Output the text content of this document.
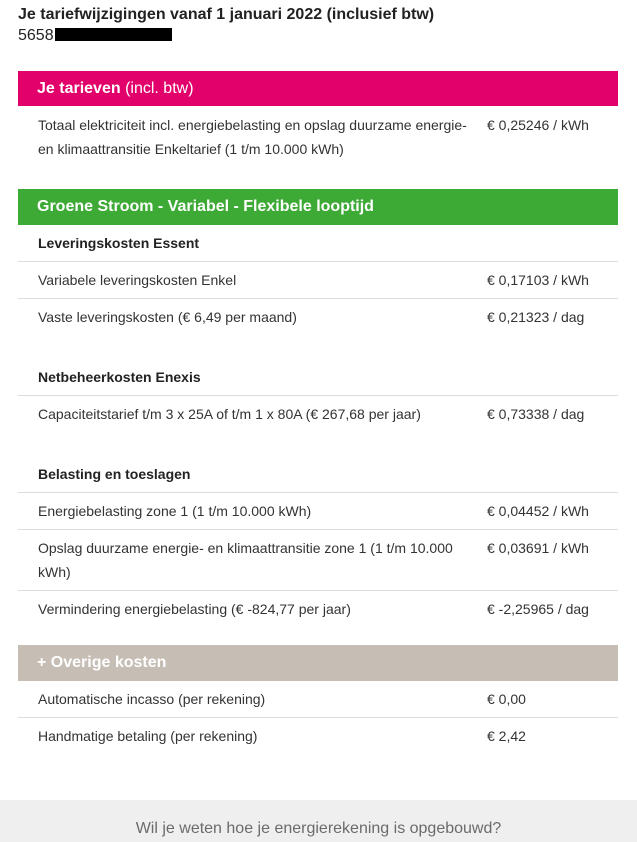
Je tariefwijzigingen vanaf 1 januari 2022 (inclusief btw)
5658
Je tarieven (incl. btw)
Totaal elektriciteit incl. energiebelasting en opslag duurzame energie- en klimaattransitie Enkeltarief (1 t/m 10.000 kWh)
€ 0,25246 / kWh
Groene Stroom - Variabel - Flexibele looptijd
Leveringskosten Essent
Variabele leveringskosten Enkel	€ 0,17103 / kWh
Vaste leveringskosten (€ 6,49 per maand)	€ 0,21323 / dag
Netbeheerkosten Enexis
Capaciteitstarief t/m 3 x 25A of t/m 1 x 80A (€ 267,68 per jaar)	€ 0,73338 / dag
Belasting en toeslagen
Energiebelasting zone 1 (1 t/m 10.000 kWh)	€ 0,04452 / kWh
Opslag duurzame energie- en klimaattransitie zone 1 (1 t/m 10.000 kWh)
€ 0,03691 / kWh
Vermindering energiebelasting (€ -824,77 per jaar)	€ -2,25965 / dag
+ Overige kosten
Automatische incasso (per rekening)	€ 0,00
Handmatige betaling (per rekening)	€ 2,42
Wil je weten hoe je energierekening is opgebouwd?
